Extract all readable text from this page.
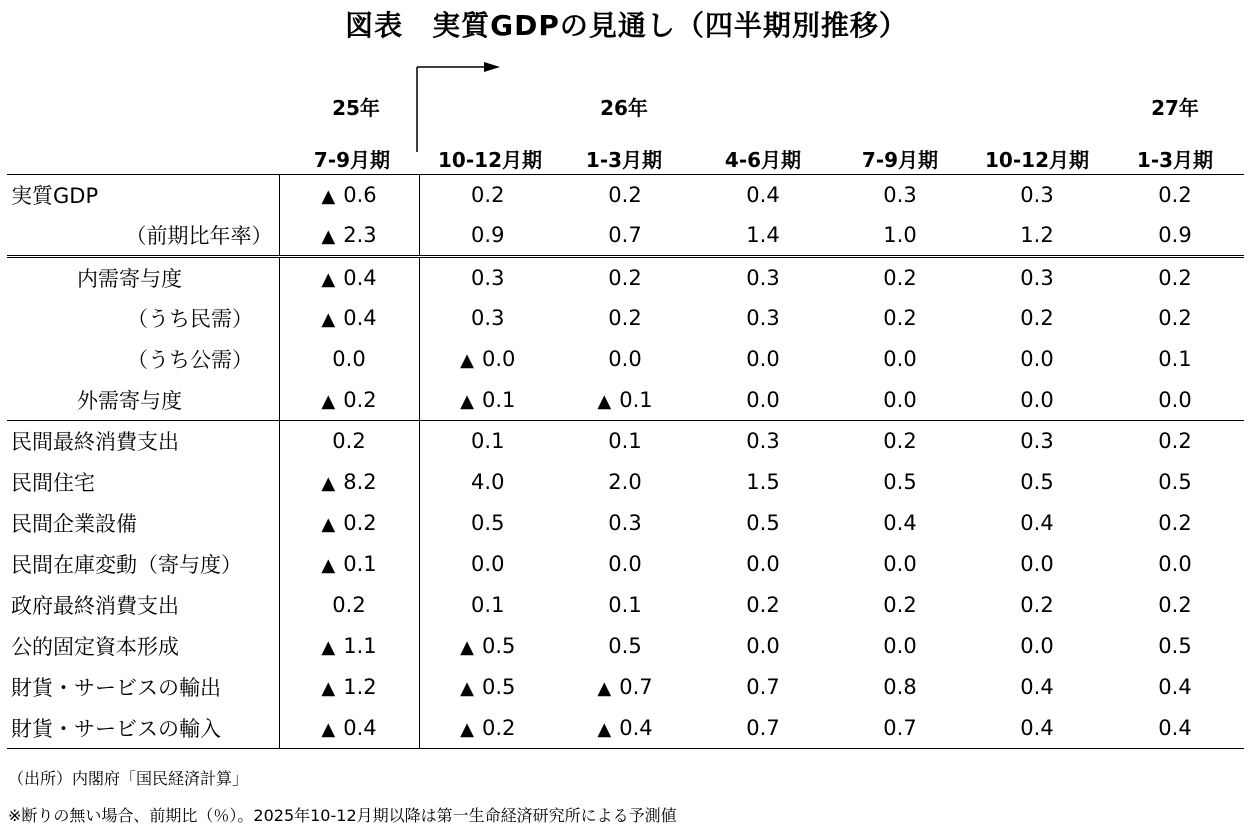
図表　実質GDPの見通し（四半期別推移）
25年	26年	27年
7-9月期	10-12月期	1-3月期	4-6月期	7-9月期	10-12月期	1-3月期
実質GDP	▲ 0.6	0.2	0.2	0.4	0.3	0.3	0.2
（前期比年率）	▲ 2.3	0.9	0.7	1.4	1.0	1.2	0.9
内需寄与度	▲ 0.4	0.3	0.2	0.3	0.2	0.3	0.2
（うち民需）	▲ 0.4	0.3	0.2	0.3	0.2	0.2	0.2
（うち公需）	0.0	▲ 0.0	0.0	0.0	0.0	0.0	0.1
外需寄与度	▲ 0.2	▲ 0.1	▲ 0.1	0.0	0.0	0.0	0.0
民間最終消費支出	0.2	0.1	0.1	0.3	0.2	0.3	0.2
民間住宅	▲ 8.2	4.0	2.0	1.5	0.5	0.5	0.5
民間企業設備	▲ 0.2	0.5	0.3	0.5	0.4	0.4	0.2
民間在庫変動（寄与度）	▲ 0.1	0.0	0.0	0.0	0.0	0.0	0.0
政府最終消費支出	0.2	0.1	0.1	0.2	0.2	0.2	0.2
公的固定資本形成	▲ 1.1	▲ 0.5	0.5	0.0	0.0	0.0	0.5
財貨・サービスの輸出	▲ 1.2	▲ 0.5	▲ 0.7	0.7	0.8	0.4	0.4
財貨・サービスの輸入	▲ 0.4	▲ 0.2	▲ 0.4	0.7	0.7	0.4	0.4
（出所）内閣府「国民経済計算」
※断りの無い場合、前期比（％）。2025年10-12月期以降は第一生命経済研究所による予測値
